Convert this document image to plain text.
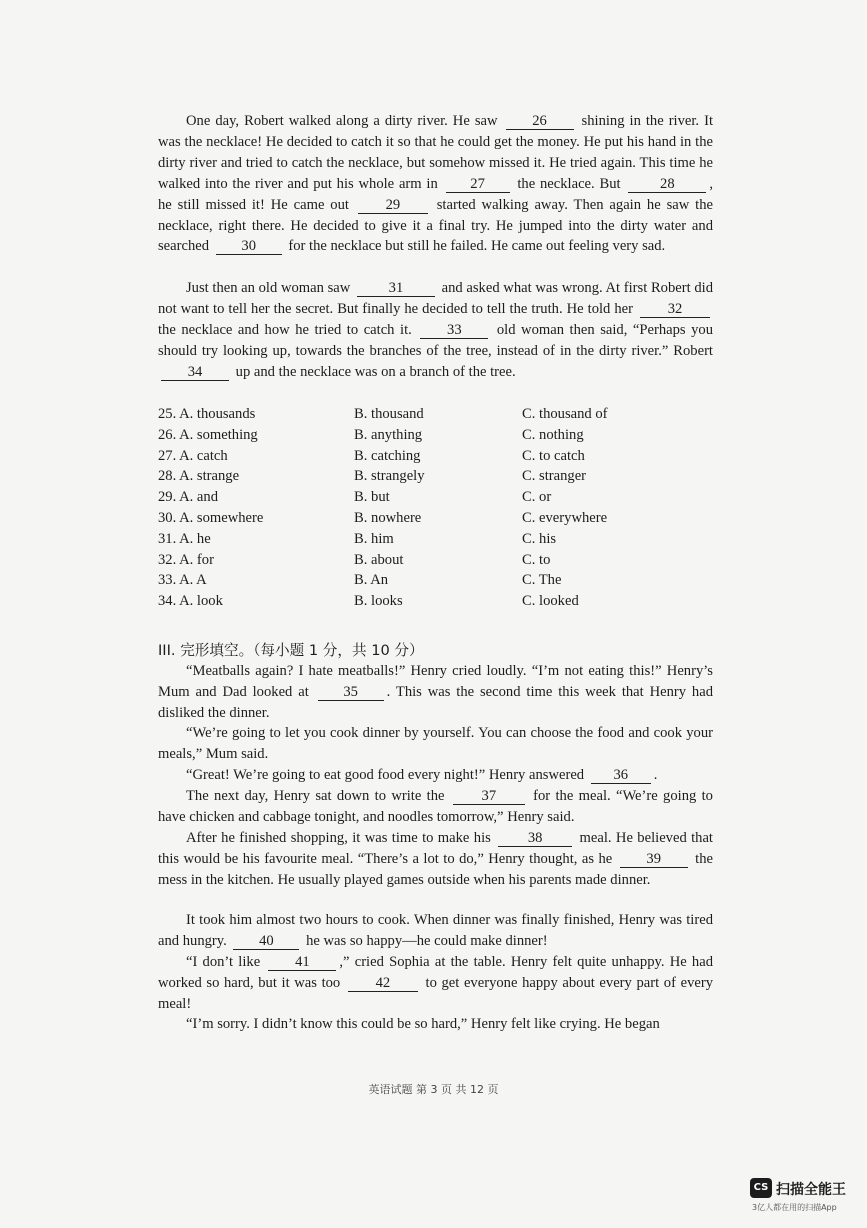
One day, Robert walked along a dirty river. He saw 26 shining in the river. It was the necklace! He decided to catch it so that he could get the money. He put his hand in the dirty river and tried to catch the necklace, but somehow missed it. He tried again. This time he walked into the river and put his whole arm in 27 the necklace. But 28 , he still missed it! He came out 29 started walking away. Then again he saw the necklace, right there. He decided to give it a final try. He jumped into the dirty water and searched 30 for the necklace but still he failed. He came out feeling very sad.

Just then an old woman saw 31 and asked what was wrong. At first Robert did not want to tell her the secret. But finally he decided to tell the truth. He told her 32 the necklace and how he tried to catch it. 33 old woman then said, “Perhaps you should try looking up, towards the branches of the tree, instead of in the dirty river.” Robert 34 up and the necklace was on a branch of the tree.

25. A. thousands	B. thousand	C. thousand of
26. A. something	B. anything	C. nothing
27. A. catch	B. catching	C. to catch
28. A. strange	B. strangely	C. stranger
29. A. and	B. but	C. or
30. A. somewhere	B. nowhere	C. everywhere
31. A. he	B. him	C. his
32. A. for	B. about	C. to
33. A. A	B. An	C. The
34. A. look	B. looks	C. looked
III. 完形填空。（每小题 1 分，共 10 分）

“Meatballs again? I hate meatballs!” Henry cried loudly. “I’m not eating this!” Henry’s Mum and Dad looked at 35 . This was the second time this week that Henry had disliked the dinner.

“We’re going to let you cook dinner by yourself. You can choose the food and cook your meals,” Mum said.

“Great! We’re going to eat good food every night!” Henry answered 36 .

The next day, Henry sat down to write the 37 for the meal. “We’re going to have chicken and cabbage tonight, and noodles tomorrow,” Henry said.

After he finished shopping, it was time to make his 38 meal. He believed that this would be his favourite meal. “There’s a lot to do,” Henry thought, as he 39 the mess in the kitchen. He usually played games outside when his parents made dinner.

It took him almost two hours to cook. When dinner was finally finished, Henry was tired and hungry. 40 he was so happy—he could make dinner!

“I don’t like 41 ,” cried Sophia at the table. Henry felt quite unhappy. He had worked so hard, but it was too 42 to get everyone happy about every part of every meal!

“I’m sorry. I didn’t know this could be so hard,” Henry felt like crying. He began

英语试题 第 3 页 共 12 页
CS 扫描全能王
3亿人都在用的扫描App
